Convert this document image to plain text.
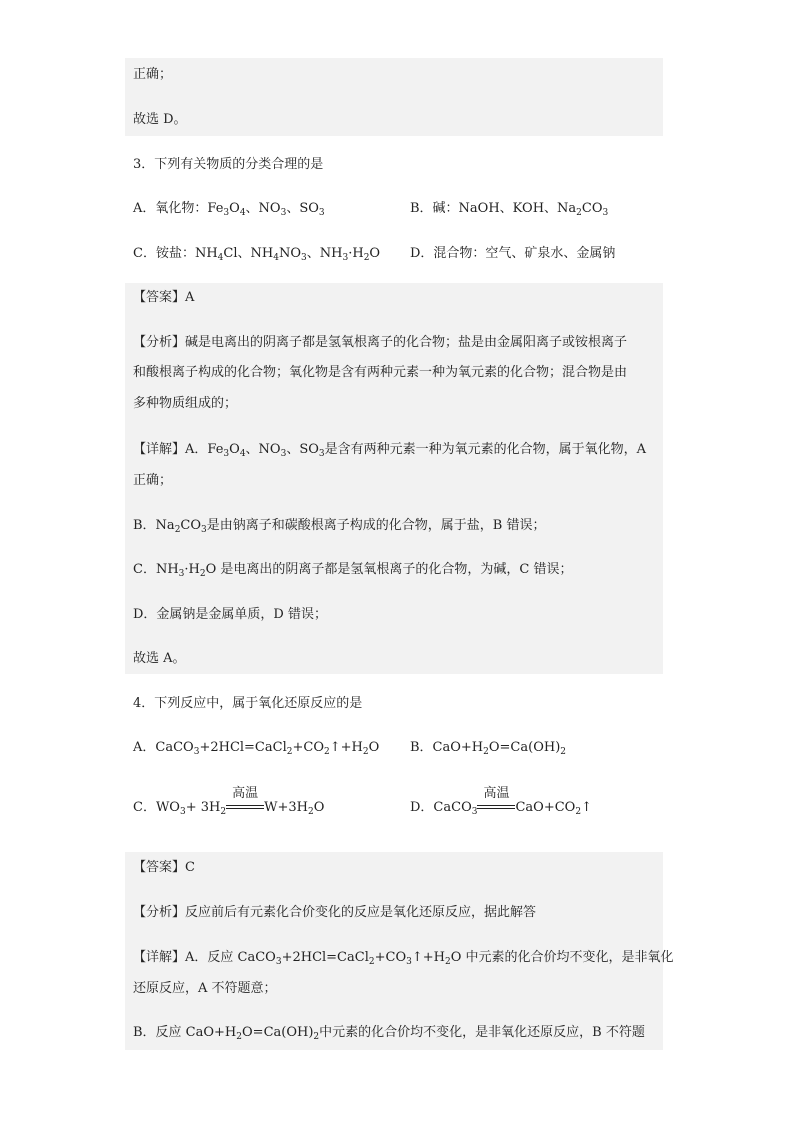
正确；
故选 D。
3．下列有关物质的分类合理的是
A．氧化物：$Fe_3O_4$、$NO_3$、$SO_3$	B．碱：NaOH、KOH、$Na_2CO_3$
C．铵盐：$NH_4Cl$、$NH_4NO_3$、$NH_3\cdot H_2O$ D．混合物：空气、矿泉水、金属钠
【答案】A
【分析】碱是电离出的阴离子都是氢氧根离子的化合物；盐是由金属阳离子或铵根离子
和酸根离子构成的化合物；氧化物是含有两种元素一种为氧元素的化合物；混合物是由
多种物质组成的；
【详解】A．$Fe_3O_4$、$NO_3$、$SO_3$是含有两种元素一种为氧元素的化合物，属于氧化物，A
正确；
B．$Na_2CO_3$是由钠离子和碳酸根离子构成的化合物，属于盐，B 错误；
C．$NH_3\cdot H_2O$ 是电离出的阴离子都是氢氧根离子的化合物，为碱，C 错误；
D．金属钠是金属单质，D 错误；
故选 A。
4．下列反应中，属于氧化还原反应的是
A．$CaCO_3+2HCl=CaCl_2+CO_2↑+H_2O$ B．$CaO+H_2O=Ca(OH)_2$
C．$WO_3+ 3H_2$
高温
$W+3H_2O$	D．CaCO$_3$
高温
$CaO+CO_2↑$
【答案】C
【分析】反应前后有元素化合价变化的反应是氧化还原反应，据此解答
【详解】A．反应 $CaCO_3+2HCl=CaCl_2+CO_3↑+H_2O$ 中元素的化合价均不变化，是非氧化
还原反应，A 不符题意；
B．反应 $CaO+H_2O=Ca(OH)_2$中元素的化合价均不变化，是非氧化还原反应，B 不符题
